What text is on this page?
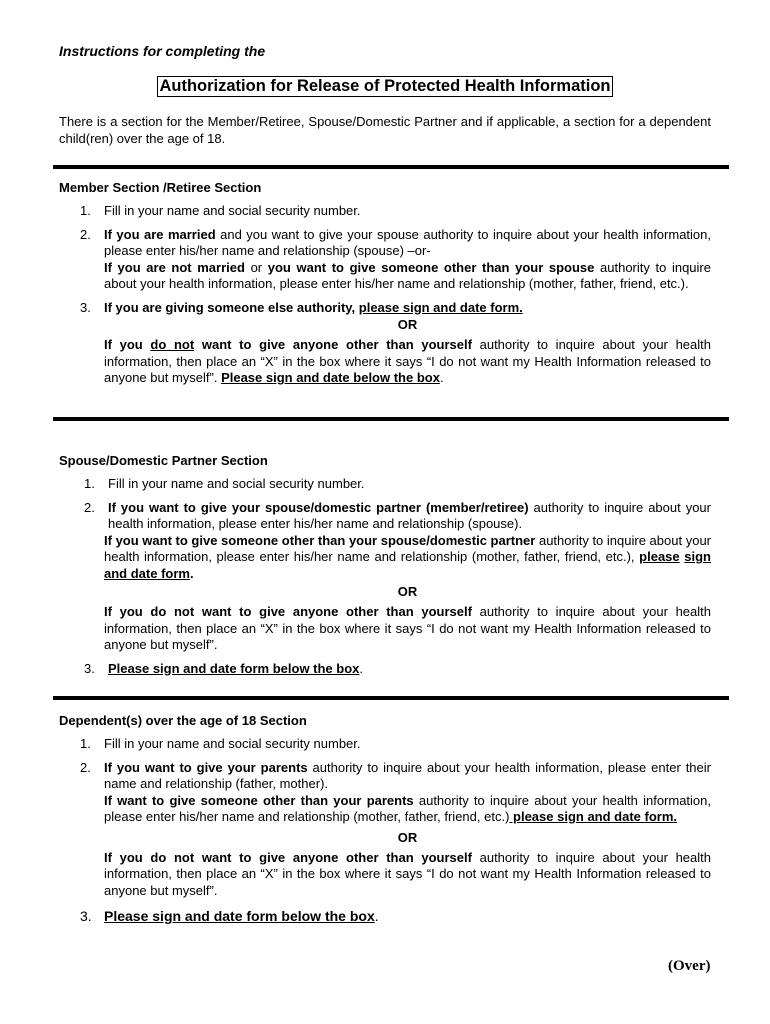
Instructions for completing the
Authorization for Release of Protected Health Information
There is a section for the Member/Retiree, Spouse/Domestic Partner and if applicable, a section for a dependent child(ren) over the age of 18.
Member Section /Retiree Section
1. Fill in your name and social security number.
2. If you are married and you want to give your spouse authority to inquire about your health information, please enter his/her name and relationship (spouse) –or-
If you are not married or you want to give someone other than your spouse authority to inquire about your health information, please enter his/her name and relationship (mother, father, friend, etc.).
3. If you are giving someone else authority, please sign and date form.
OR
If you do not want to give anyone other than yourself authority to inquire about your health information, then place an “X” in the box where it says “I do not want my Health Information released to anyone but myself”. Please sign and date below the box.
Spouse/Domestic Partner Section
1. Fill in your name and social security number.
2.	If you want to give your spouse/domestic partner (member/retiree) authority to inquire about your health information, please enter his/her name and relationship (spouse).
If you want to give someone other than your spouse/domestic partner authority to inquire about your health information, please enter his/her name and relationship (mother, father, friend, etc.), please sign and date form.
OR
If you do not want to give anyone other than yourself authority to inquire about your health information, then place an “X” in the box where it says “I do not want my Health Information released to anyone but myself”.
3. Please sign and date form below the box.
Dependent(s) over the age of 18 Section
1. Fill in your name and social security number.
2. If you want to give your parents authority to inquire about your health information, please enter their name and relationship (father, mother).
If want to give someone other than your parents authority to inquire about your health information, please enter his/her name and relationship (mother, father, friend, etc.) please sign and date form.
OR
If you do not want to give anyone other than yourself authority to inquire about your health information, then place an “X” in the box where it says “I do not want my Health Information released to anyone but myself”.
3. Please sign and date form below the box.
(Over)
